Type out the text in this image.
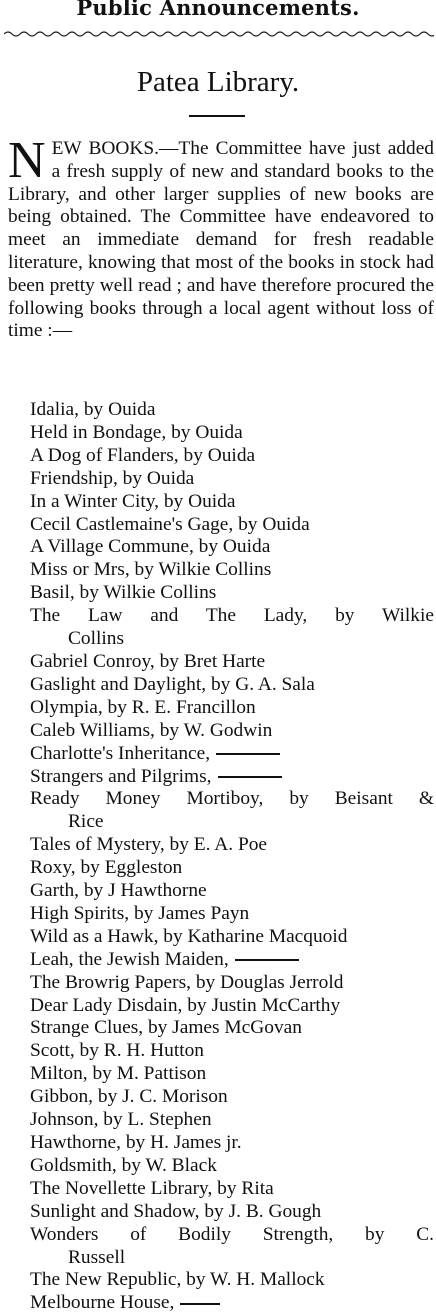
Public Announcements.
Patea Library.

N EW BOOKS.—The Committee have just added a fresh supply of new and standard books to the Library, and other larger supplies of new books are being obtained. The Committee have endeavored to meet an immediate demand for fresh readable literature, knowing that most of the books in stock had been pretty well read ; and have therefore procured the following books through a local agent without loss of time :—

Idalia, by Ouida
Held in Bondage, by Ouida
A Dog of Flanders, by Ouida
Friendship, by Ouida
In a Winter City, by Ouida
Cecil Castlemaine's Gage, by Ouida
A Village Commune, by Ouida
Miss or Mrs, by Wilkie Collins
Basil, by Wilkie Collins
The Law and The Lady, by Wilkie
Collins
Gabriel Conroy, by Bret Harte
Gaslight and Daylight, by G. A. Sala
Olympia, by R. E. Francillon
Caleb Williams, by W. Godwin
Charlotte's Inheritance,
Strangers and Pilgrims,
Ready Money Mortiboy, by Beisant &
Rice
Tales of Mystery, by E. A. Poe
Roxy, by Eggleston
Garth, by J Hawthorne
High Spirits, by James Payn
Wild as a Hawk, by Katharine Macquoid
Leah, the Jewish Maiden,
The Browrig Papers, by Douglas Jerrold
Dear Lady Disdain, by Justin McCarthy
Strange Clues, by James McGovan
Scott, by R. H. Hutton
Milton, by M. Pattison
Gibbon, by J. C. Morison
Johnson, by L. Stephen
Hawthorne, by H. James jr.
Goldsmith, by W. Black
The Novellette Library, by Rita
Sunlight and Shadow, by J. B. Gough
Wonders of Bodily Strength, by C.
Russell
The New Republic, by W. H. Mallock
Melbourne House,
